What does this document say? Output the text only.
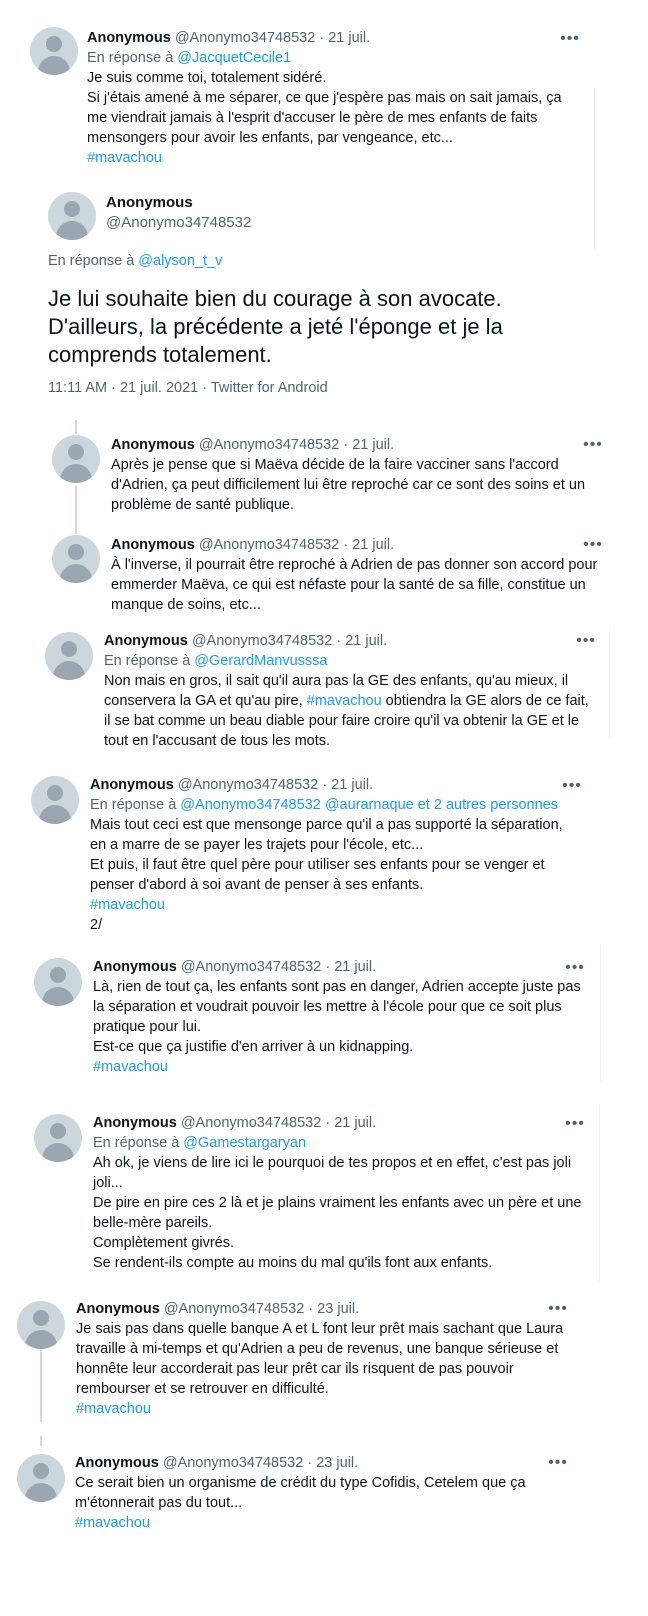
Anonymous @Anonymo34748532 · 21 juil.
En réponse à @JacquetCecile1
Je suis comme toi, totalement sidéré.
Si j'étais amené à me séparer, ce que j'espère pas mais on sait jamais, ça
me viendrait jamais à l'esprit d'accuser le père de mes enfants de faits
mensongers pour avoir les enfants, par vengeance, etc...
#mavachou
•••
Anonymous
@Anonymo34748532
En réponse à @alyson_t_v
Je lui souhaite bien du courage à son avocate.
D'ailleurs, la précédente a jeté l'éponge et je la
comprends totalement.
11:11 AM · 21 juil. 2021 · Twitter for Android
Anonymous @Anonymo34748532 · 21 juil.
Après je pense que si Maëva décide de la faire vacciner sans l'accord
d'Adrien, ça peut difficilement lui être reproché car ce sont des soins et un
problème de santé publique.
•••
Anonymous @Anonymo34748532 · 21 juil.
À l'inverse, il pourrait être reproché à Adrien de pas donner son accord pour
emmerder Maëva, ce qui est néfaste pour la santé de sa fille, constitue un
manque de soins, etc...
•••
Anonymous @Anonymo34748532 · 21 juil.
En réponse à @GerardManvusssa
Non mais en gros, il sait qu'il aura pas la GE des enfants, qu'au mieux, il
conservera la GA et qu'au pire, #mavachou obtiendra la GE alors de ce fait,
il se bat comme un beau diable pour faire croire qu'il va obtenir la GE et le
tout en l'accusant de tous les mots.
•••
Anonymous @Anonymo34748532 · 21 juil.
En réponse à @Anonymo34748532 @aurarnaque et 2 autres personnes
Mais tout ceci est que mensonge parce qu'il a pas supporté la séparation,
en a marre de se payer les trajets pour l'école, etc...
Et puis, il faut être quel père pour utiliser ses enfants pour se venger et
penser d'abord à soi avant de penser à ses enfants.
#mavachou
2/
•••
Anonymous @Anonymo34748532 · 21 juil.
Là, rien de tout ça, les enfants sont pas en danger, Adrien accepte juste pas
la séparation et voudrait pouvoir les mettre à l'école pour que ce soit plus
pratique pour lui.
Est-ce que ça justifie d'en arriver à un kidnapping.
#mavachou
•••
Anonymous @Anonymo34748532 · 21 juil.
En réponse à @Gamestargaryan
Ah ok, je viens de lire ici le pourquoi de tes propos et en effet, c'est pas joli
joli...
De pire en pire ces 2 là et je plains vraiment les enfants avec un père et une
belle-mère pareils.
Complètement givrés.
Se rendent-ils compte au moins du mal qu'ils font aux enfants.
•••
Anonymous @Anonymo34748532 · 23 juil.
Je sais pas dans quelle banque A et L font leur prêt mais sachant que Laura
travaille à mi-temps et qu'Adrien a peu de revenus, une banque sérieuse et
honnête leur accorderait pas leur prêt car ils risquent de pas pouvoir
rembourser et se retrouver en difficulté.
#mavachou
•••
Anonymous @Anonymo34748532 · 23 juil.
Ce serait bien un organisme de crédit du type Cofidis, Cetelem que ça
m'étonnerait pas du tout...
#mavachou
•••
